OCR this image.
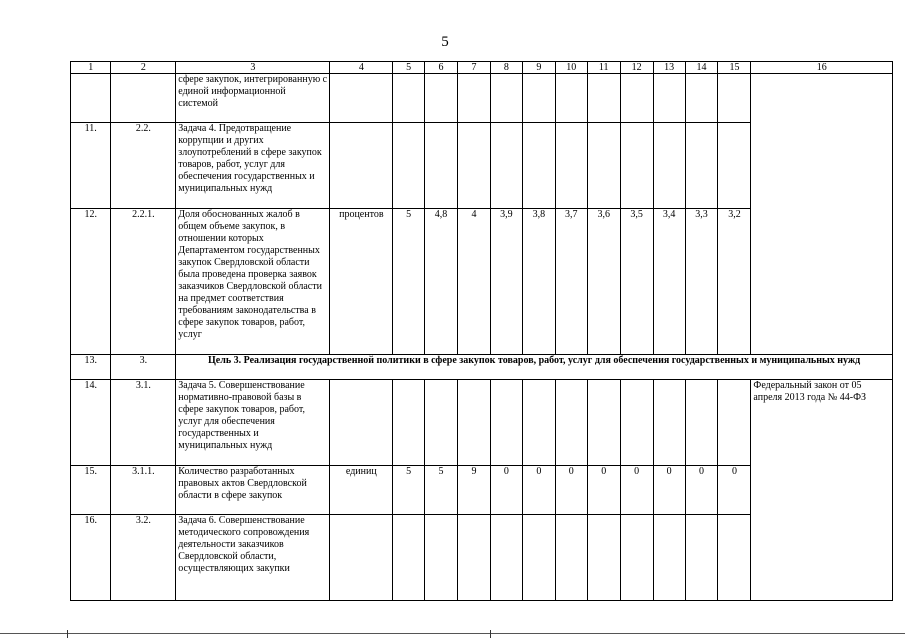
5
1	2	3	4	5	6	7	8	9	10	11	12	13	14	15	16
		сфере закупок, интегрированную с единой информационной системой													
11.	2.2.	Задача 4. Предотвращение коррупции и других злоупотреблений в сфере закупок товаров, работ, услуг для обеспечения государственных и муниципальных нужд													
12.	2.2.1.	Доля обоснованных жалоб в общем объеме закупок, в отношении которых Департаментом государственных закупок Свердловской области была проведена проверка заявок заказчиков Свердловской области на предмет соответствия требованиям законодательства в сфере закупок товаров, работ, услуг	процентов	5	4,8	4	3,9	3,8	3,7	3,6	3,5	3,4	3,3	3,2	
13.	3.	Цель 3. Реализация государственной политики в сфере закупок товаров, работ, услуг для обеспечения государственных и муниципальных нужд													
14.	3.1.	Задача 5. Совершенствование нормативно-правовой базы в сфере закупок товаров, работ, услуг для обеспечения государственных и муниципальных нужд													Федеральный закон от 05 апреля 2013 года № 44-ФЗ
15.	3.1.1.	Количество разработанных правовых актов Свердловской области в сфере закупок	единиц	5	5	9	0	0	0	0	0	0	0	0	
16.	3.2.	Задача 6. Совершенствование методического сопровождения деятельности заказчиков Свердловской области, осуществляющих закупки													
